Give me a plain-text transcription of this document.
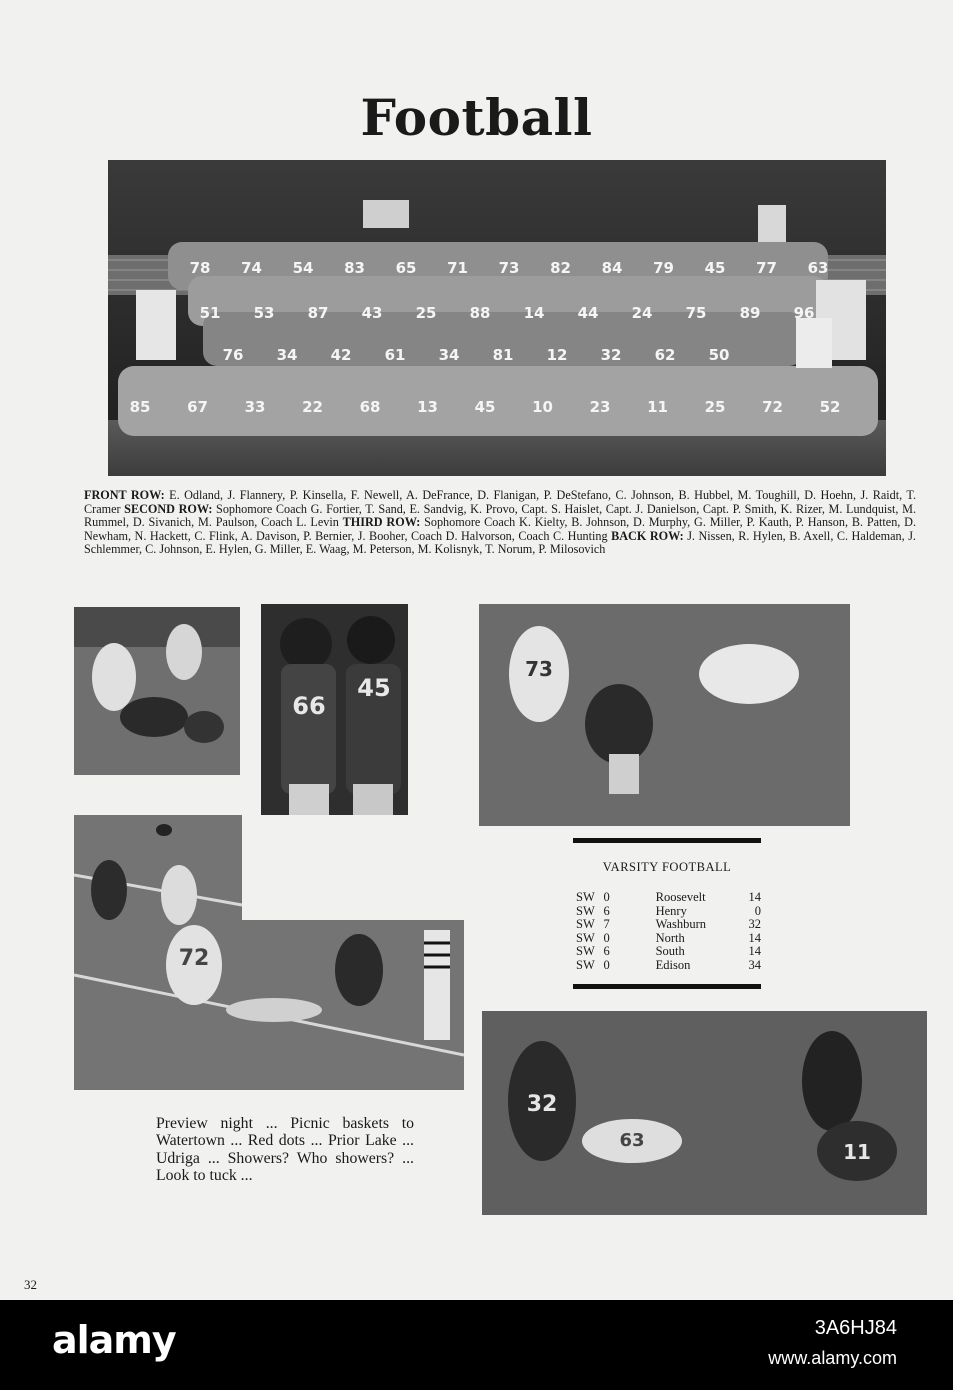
Football
78 74 54 83 65 71 73 82 84 79 45 77 63
51 53 87 43 25 88 14 44 24 75 89 96
76 34 42 61 34 81 12 32 62 50
85 67 33 22 68 13 45 10 23 11 25 72 52
FRONT ROW: E. Odland, J. Flannery, P. Kinsella, F. Newell, A. DeFrance, D. Flanigan, P. DeStefano, C. Johnson, B. Hubbel, M. Toughill, D. Hoehn, J. Raidt, T. Cramer SECOND ROW: Sophomore Coach G. Fortier, T. Sand, E. Sandvig, K. Provo, Capt. S. Haislet, Capt. J. Danielson, Capt. P. Smith, K. Rizer, M. Lundquist, M. Rummel, D. Sivanich, M. Paulson, Coach L. Levin THIRD ROW: Sophomore Coach K. Kielty, B. Johnson, D. Murphy, G. Miller, P. Kauth, P. Hanson, B. Patten, D. Newham, N. Hackett, C. Flink, A. Davison, P. Bernier, J. Booher, Coach D. Halvorson, Coach C. Hunting BACK ROW: J. Nissen, R. Hylen, B. Axell, C. Haldeman, J. Schlemmer, C. Johnson, E. Hylen, G. Miller, E. Waag, M. Peterson, M. Kolisnyk, T. Norum, P. Milosovich
66
45
73
72
VARSITY FOOTBALL
SW	0	Roosevelt	14
SW	6	Henry	0
SW	7	Washburn	32
SW	0	North	14
SW	6	South	14
SW	0	Edison	34
32
63	11
Preview night ... Picnic baskets to Watertown ... Red dots ... Prior Lake ... Udriga ... Showers? Who showers? ... Look to tuck ...
32
alamy	3A6HJ84
www.alamy.com
